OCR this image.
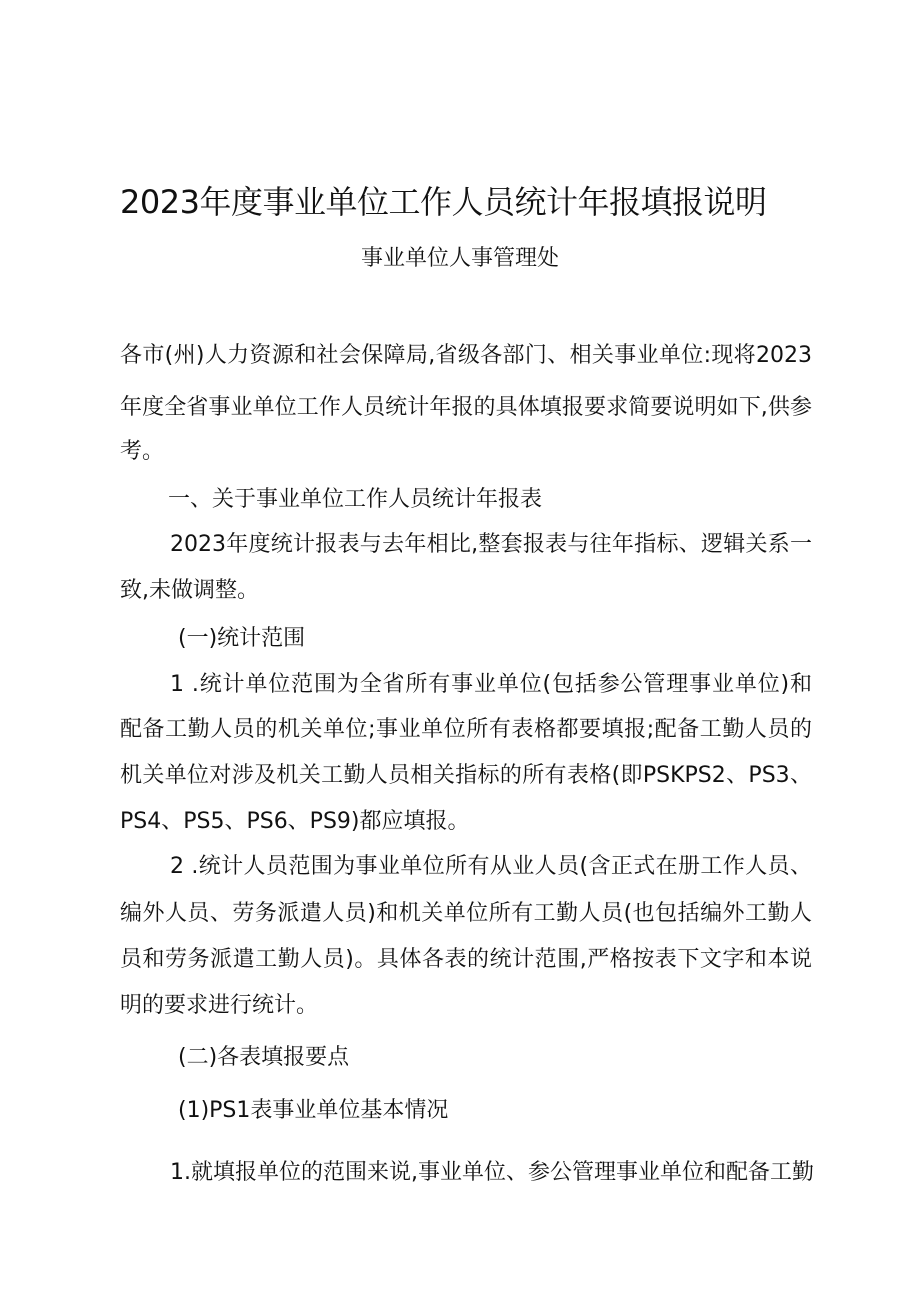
2023年度事业单位工作人员统计年报填报说明
事业单位人事管理处
各市(州)人力资源和社会保障局,省级各部门、相关事业单位:现将2023
年度全省事业单位工作人员统计年报的具体填报要求简要说明如下,供参
考。
一、关于事业单位工作人员统计年报表
2023年度统计报表与去年相比,整套报表与往年指标、逻辑关系一
致,未做调整。
(一)统计范围
1 .统计单位范围为全省所有事业单位(包括参公管理事业单位)和
配备工勤人员的机关单位;事业单位所有表格都要填报;配备工勤人员的
机关单位对涉及机关工勤人员相关指标的所有表格(即PSKPS2、PS3、
PS4、PS5、PS6、PS9)都应填报。
2 .统计人员范围为事业单位所有从业人员(含正式在册工作人员、
编外人员、劳务派遣人员)和机关单位所有工勤人员(也包括编外工勤人
员和劳务派遣工勤人员)。具体各表的统计范围,严格按表下文字和本说
明的要求进行统计。
(二)各表填报要点
(1)PS1表事业单位基本情况
1.就填报单位的范围来说,事业单位、参公管理事业单位和配备工勤
